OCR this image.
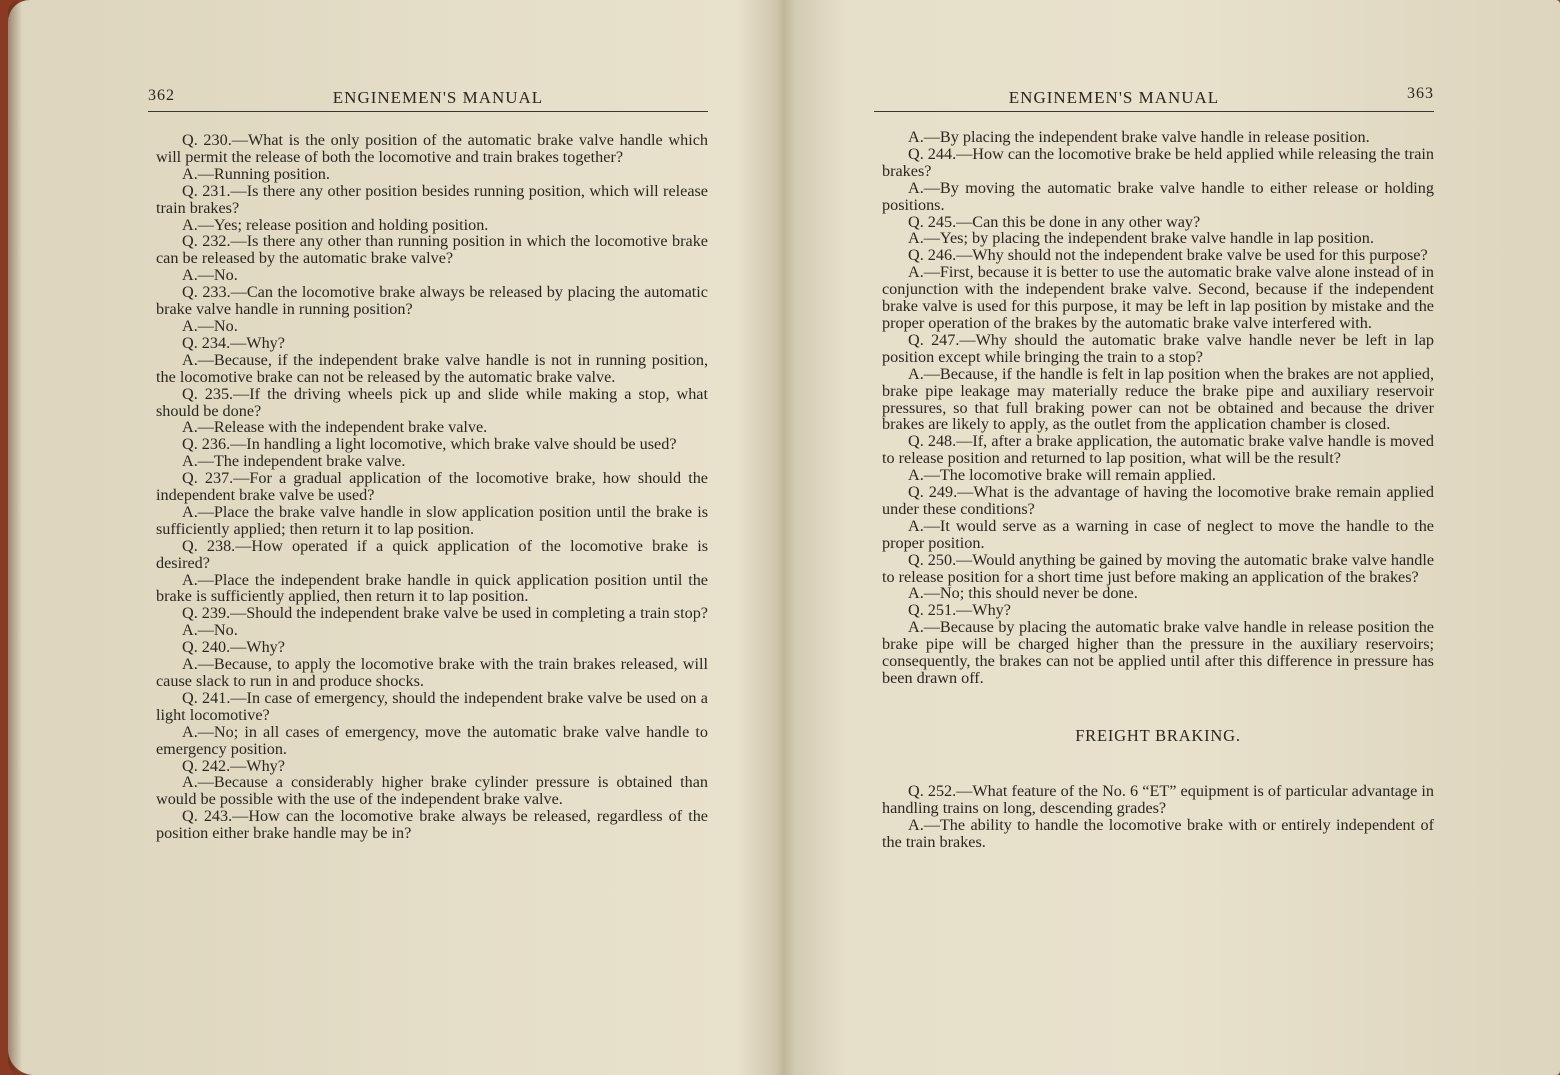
362	ENGINEMEN'S MANUAL

Q. 230.—What is the only position of the automatic brake valve handle which will permit the release of both the locomotive and train brakes together?

A.—Running position.

Q. 231.—Is there any other position besides running position, which will release train brakes?

A.—Yes; release position and holding position.

Q. 232.—Is there any other than running position in which the locomotive brake can be released by the automatic brake valve?

A.—No.

Q. 233.—Can the locomotive brake always be released by placing the automatic brake valve handle in running position?

A.—No.

Q. 234.—Why?

A.—Because, if the independent brake valve handle is not in running position, the locomotive brake can not be released by the automatic brake valve.

Q. 235.—If the driving wheels pick up and slide while making a stop, what should be done?

A.—Release with the independent brake valve.

Q. 236.—In handling a light locomotive, which brake valve should be used?

A.—The independent brake valve.

Q. 237.—For a gradual application of the locomotive brake, how should the independent brake valve be used?

A.—Place the brake valve handle in slow application position until the brake is sufficiently applied; then return it to lap position.

Q. 238.—How operated if a quick application of the locomotive brake is desired?

A.—Place the independent brake handle in quick application position until the brake is sufficiently applied, then return it to lap position.

Q. 239.—Should the independent brake valve be used in completing a train stop?

A.—No.

Q. 240.—Why?

A.—Because, to apply the locomotive brake with the train brakes released, will cause slack to run in and produce shocks.

Q. 241.—In case of emergency, should the independent brake valve be used on a light locomotive?

A.—No; in all cases of emergency, move the automatic brake valve handle to emergency position.

Q. 242.—Why?

A.—Because a considerably higher brake cylinder pressure is obtained than would be possible with the use of the independent brake valve.

Q. 243.—How can the locomotive brake always be released, regardless of the position either brake handle may be in?

ENGINEMEN'S MANUAL	363

A.—By placing the independent brake valve handle in release position.

Q. 244.—How can the locomotive brake be held applied while releasing the train brakes?

A.—By moving the automatic brake valve handle to either release or holding positions.

Q. 245.—Can this be done in any other way?

A.—Yes; by placing the independent brake valve handle in lap position.

Q. 246.—Why should not the independent brake valve be used for this purpose?

A.—First, because it is better to use the automatic brake valve alone instead of in conjunction with the independent brake valve. Second, because if the independent brake valve is used for this purpose, it may be left in lap position by mistake and the proper operation of the brakes by the automatic brake valve interfered with.

Q. 247.—Why should the automatic brake valve handle never be left in lap position except while bringing the train to a stop?

A.—Because, if the handle is felt in lap position when the brakes are not applied, brake pipe leakage may materially reduce the brake pipe and auxiliary reservoir pressures, so that full braking power can not be obtained and because the driver brakes are likely to apply, as the outlet from the application chamber is closed.

Q. 248.—If, after a brake application, the automatic brake valve handle is moved to release position and returned to lap position, what will be the result?

A.—The locomotive brake will remain applied.

Q. 249.—What is the advantage of having the locomotive brake remain applied under these conditions?

A.—It would serve as a warning in case of neglect to move the handle to the proper position.

Q. 250.—Would anything be gained by moving the automatic brake valve handle to release position for a short time just before making an application of the brakes?

A.—No; this should never be done.

Q. 251.—Why?

A.—Because by placing the automatic brake valve handle in release position the brake pipe will be charged higher than the pressure in the auxiliary reservoirs; consequently, the brakes can not be applied until after this difference in pressure has been drawn off.

FREIGHT BRAKING.

Q. 252.—What feature of the No. 6 “ET” equipment is of particular advantage in handling trains on long, descending grades?

A.—The ability to handle the locomotive brake with or entirely independent of the train brakes.
